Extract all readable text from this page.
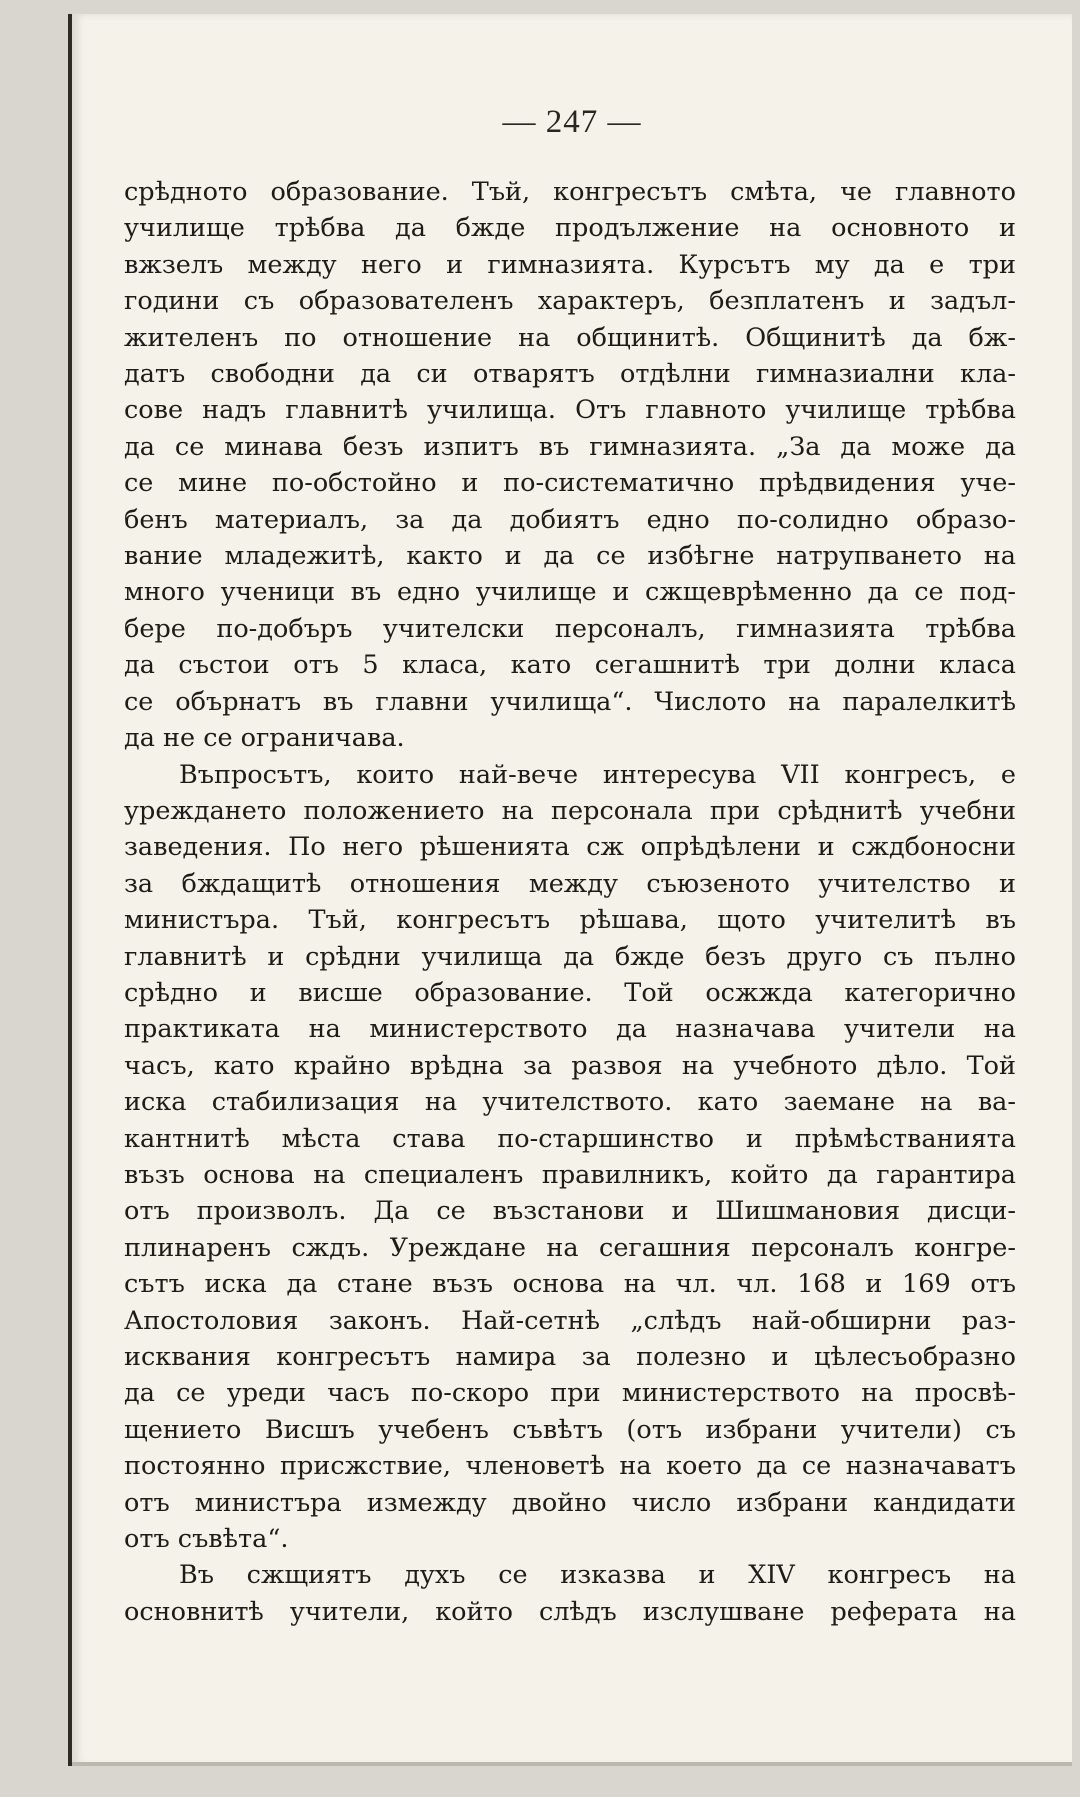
— 247 —

срѣдното образование. Тъй, конгресътъ смѣта, че главното

училище трѣбва да бжде продължение на основното и

вжзелъ между него и гимназията. Курсътъ му да е три

години съ образователенъ характеръ, безплатенъ и задъл-

жителенъ по отношение на общинитѣ. Общинитѣ да бж-

датъ свободни да си отварятъ отдѣлни гимназиални кла-

сове надъ главнитѣ училища. Отъ главното училище трѣбва

да се минава безъ изпитъ въ гимназията. „За да може да

се мине по-обстойно и по-систематично прѣдвидения уче-

бенъ материалъ, за да добиятъ едно по-солидно образо-

вание младежитѣ, както и да се избѣгне натрупването на

много ученици въ едно училище и сжщеврѣменно да се под-

бере по-добъръ учителски персоналъ, гимназията трѣбва

да състои отъ 5 класа, като сегашнитѣ три долни класа

се обърнатъ въ главни училища“. Числото на паралелкитѣ

да не се ограничава.

Въпросътъ, които най-вече интересува VII конгресъ, е

уреждането положението на персонала при срѣднитѣ учебни

заведения. По него рѣшенията сж опрѣдѣлени и сждбоносни

за бждащитѣ отношения между съюзеното учителство и

министъра. Тъй, конгресътъ рѣшава, щото учителитѣ въ

главнитѣ и срѣдни училища да бжде безъ друго съ пълно

срѣдно и висше образование. Той осжжда категорично

практиката на министерството да назначава учители на

часъ, като крайно врѣдна за развоя на учебното дѣло. Той

иска стабилизация на учителството. като заемане на ва-

кантнитѣ мѣста става по-старшинство и прѣмѣстванията

възъ основа на специаленъ правилникъ, който да гарантира

отъ произволъ. Да се възстанови и Шишмановия дисци-

плинаренъ сждъ. Уреждане на сегашния персоналъ конгре-

сътъ иска да стане възъ основа на чл. чл. 168 и 169 отъ

Апостоловия законъ. Най-сетнѣ „слѣдъ най-обширни раз-

исквания конгресътъ намира за полезно и цѣлесъобразно

да се уреди часъ по-скоро при министерството на просвѣ-

щението Висшъ учебенъ съвѣтъ (отъ избрани учители) съ

постоянно присжствие, членоветѣ на което да се назначаватъ

отъ министъра измежду двойно число избрани кандидати

отъ съвѣта“.

Въ сжщиятъ духъ се изказва и XIV конгресъ на

основнитѣ учители, който слѣдъ изслушване реферата на
